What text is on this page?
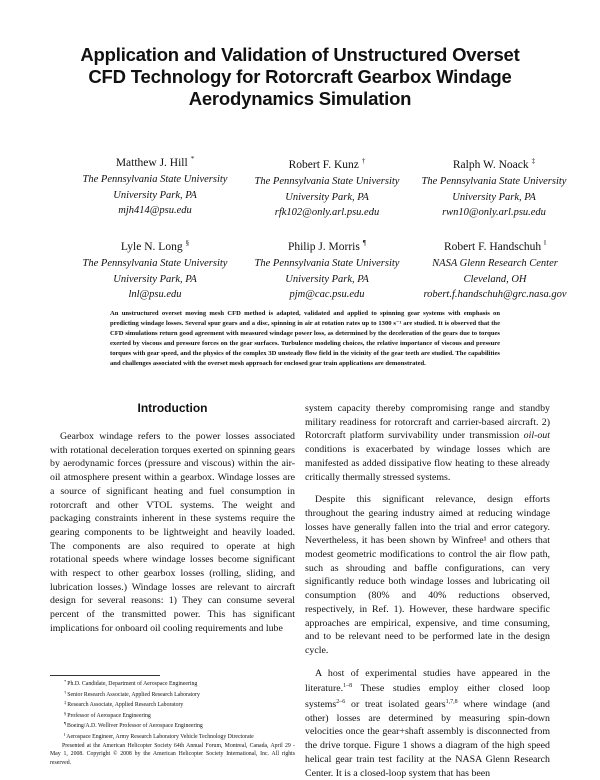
Application and Validation of Unstructured Overset
CFD Technology for Rotorcraft Gearbox Windage
Aerodynamics Simulation
Matthew J. Hill *
The Pennsylvania State University
University Park, PA
mjh414@psu.edu
Robert F. Kunz †
The Pennsylvania State University
University Park, PA
rfk102@only.arl.psu.edu
Ralph W. Noack ‡
The Pennsylvania State University
University Park, PA
rwn10@only.arl.psu.edu
Lyle N. Long §
The Pennsylvania State University
University Park, PA
lnl@psu.edu
Philip J. Morris ¶
The Pennsylvania State University
University Park, PA
pjm@cac.psu.edu
Robert F. Handschuh ‖
NASA Glenn Research Center
Cleveland, OH
robert.f.handschuh@grc.nasa.gov
An unstructured overset moving mesh CFD method is adapted, validated and applied to spinning gear systems with emphasis on predicting windage losses. Several spur gears and a disc, spinning in air at rotation rates up to 1300 s⁻¹ are studied. It is observed that the CFD simulations return good agreement with measured windage power loss, as determined by the deceleration of the gears due to torques exerted by viscous and pressure forces on the gear surfaces. Turbulence modeling choices, the relative importance of viscous and pressure torques with gear speed, and the physics of the complex 3D unsteady flow field in the vicinity of the gear teeth are studied. The capabilities and challenges associated with the overset mesh approach for enclosed gear train applications are demonstrated.
Introduction

Gearbox windage refers to the power losses associated with rotational deceleration torques exerted on spinning gears by aerodynamic forces (pressure and viscous) within the air-oil atmosphere present within a gearbox. Windage losses are a source of significant heating and fuel consumption in rotorcraft and other VTOL systems. The weight and packaging constraints inherent in these systems require the gearing components to be lightweight and heavily loaded. The components are also required to operate at high rotational speeds where windage losses become significant with respect to other gearbox losses (rolling, sliding, and lubrication losses.) Windage losses are relevant to aircraft design for several reasons: 1) They can consume several percent of the transmitted power. This has significant implications for onboard oil cooling requirements and lube

*Ph.D. Candidate, Department of Aerospace Engineering
†Senior Research Associate, Applied Research Laboratory
‡Research Associate, Applied Research Laboratory
§Professor of Aerospace Engineering
¶Boeing/A.D. Welliver Professor of Aerospace Engineering
‖Aerospace Engineer, Army Research Laboratory Vehicle Technology Directorate
Presented at the American Helicopter Society 64th Annual Forum, Montreal, Canada, April 29 - May 1, 2008. Copyright © 2008 by the American Helicopter Society International, Inc. All rights reserved.

system capacity thereby compromising range and standby military readiness for rotorcraft and carrier-based aircraft. 2) Rotorcraft platform survivability under transmission oil-out conditions is exacerbated by windage losses which are manifested as added dissipative flow heating to these already critically thermally stressed systems.

Despite this significant relevance, design efforts throughout the gearing industry aimed at reducing windage losses have generally fallen into the trial and error category. Nevertheless, it has been shown by Winfree¹ and others that modest geometric modifications to control the air flow path, such as shrouding and baffle configurations, can very significantly reduce both windage losses and lubricating oil consumption (80% and 40% reductions observed, respectively, in Ref. 1). However, these hardware specific approaches are empirical, expensive, and time consuming, and to be relevant need to be performed late in the design cycle.

A host of experimental studies have appeared in the literature.$^{1-8}$ These studies employ either closed loop systems$^{2-6}$ or treat isolated gears$^{1,7,8}$ where windage (and other) losses are determined by measuring spin-down velocities once the gear+shaft assembly is disconnected from the drive torque. Figure 1 shows a diagram of the high speed helical gear train test facility at the NASA Glenn Research Center. It is a closed-loop system that has been
